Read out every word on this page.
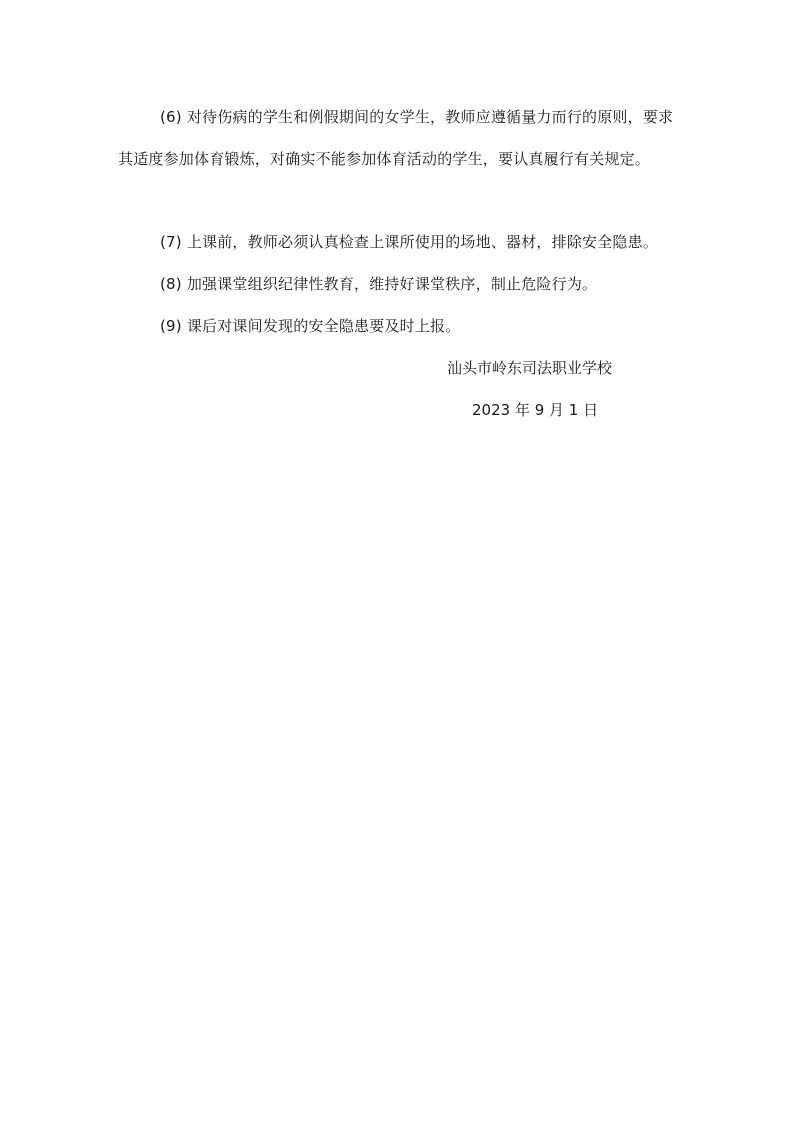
(6) 对待伤病的学生和例假期间的女学生，教师应遵循量力而行的原则，要求其适度参加体育锻炼，对确实不能参加体育活动的学生，要认真履行有关规定。

(7) 上课前，教师必须认真检查上课所使用的场地、器材，排除安全隐患。

(8) 加强课堂组织纪律性教育，维持好课堂秩序，制止危险行为。

(9) 课后对课间发现的安全隐患要及时上报。

汕头市岭东司法职业学校
2023 年 9 月 1 日
